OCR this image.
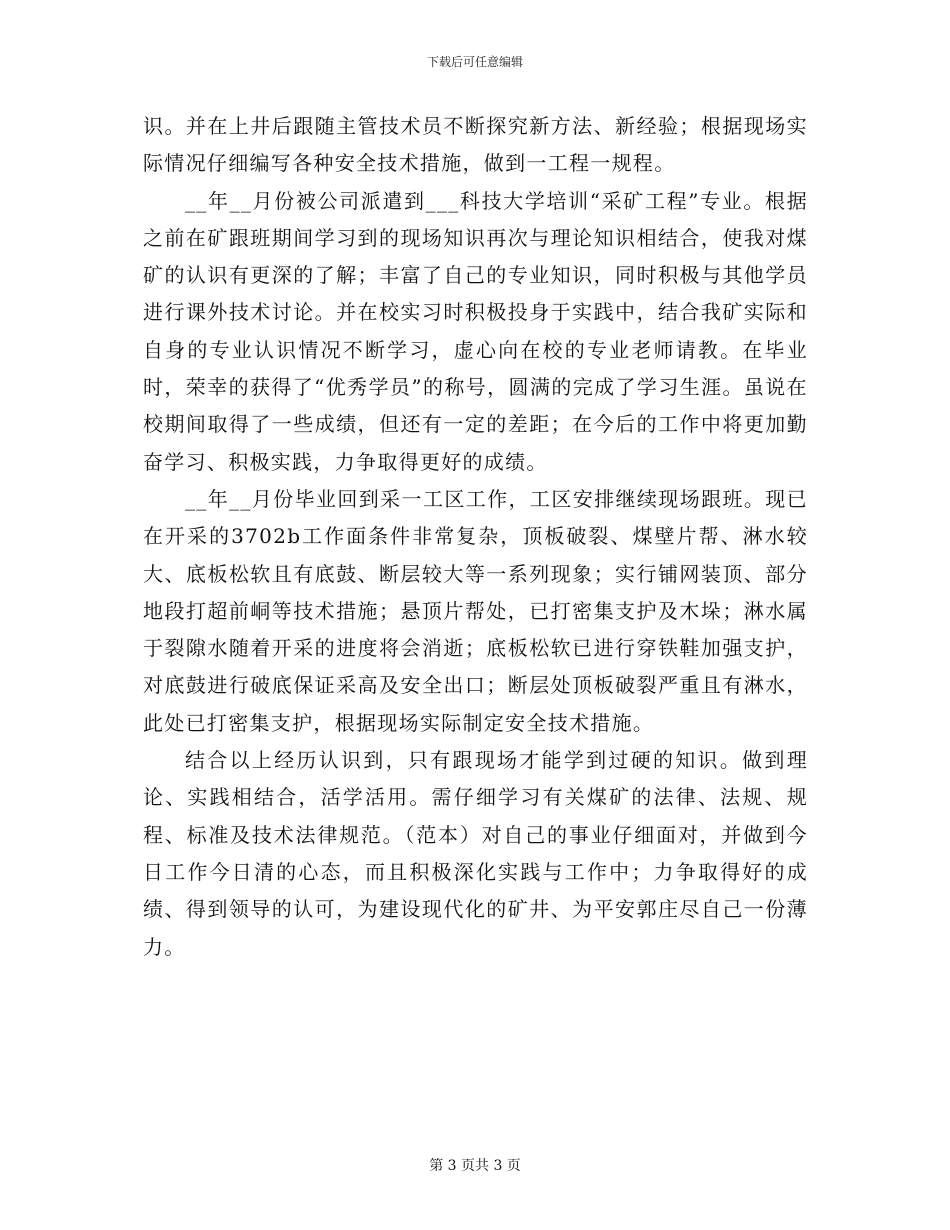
下载后可任意编辑

识。并在上井后跟随主管技术员不断探究新方法、新经验；根据现场实际情况仔细编写各种安全技术措施，做到一工程一规程。

__年__月份被公司派遣到___科技大学培训“采矿工程”专业。根据之前在矿跟班期间学习到的现场知识再次与理论知识相结合，使我对煤矿的认识有更深的了解；丰富了自己的专业知识，同时积极与其他学员进行课外技术讨论。并在校实习时积极投身于实践中，结合我矿实际和自身的专业认识情况不断学习，虚心向在校的专业老师请教。在毕业时，荣幸的获得了“优秀学员”的称号，圆满的完成了学习生涯。虽说在校期间取得了一些成绩，但还有一定的差距；在今后的工作中将更加勤奋学习、积极实践，力争取得更好的成绩。

__年__月份毕业回到采一工区工作，工区安排继续现场跟班。现已在开采的3702b工作面条件非常复杂，顶板破裂、煤壁片帮、淋水较大、底板松软且有底鼓、断层较大等一系列现象；实行铺网装顶、部分地段打超前峒等技术措施；悬顶片帮处，已打密集支护及木垛；淋水属于裂隙水随着开采的进度将会消逝；底板松软已进行穿铁鞋加强支护，对底鼓进行破底保证采高及安全出口；断层处顶板破裂严重且有淋水，此处已打密集支护，根据现场实际制定安全技术措施。

结合以上经历认识到，只有跟现场才能学到过硬的知识。做到理论、实践相结合，活学活用。需仔细学习有关煤矿的法律、法规、规程、标准及技术法律规范。（范本）对自己的事业仔细面对，并做到今日工作今日清的心态，而且积极深化实践与工作中；力争取得好的成绩、得到领导的认可，为建设现代化的矿井、为平安郭庄尽自己一份薄力。

第 3 页共 3 页
